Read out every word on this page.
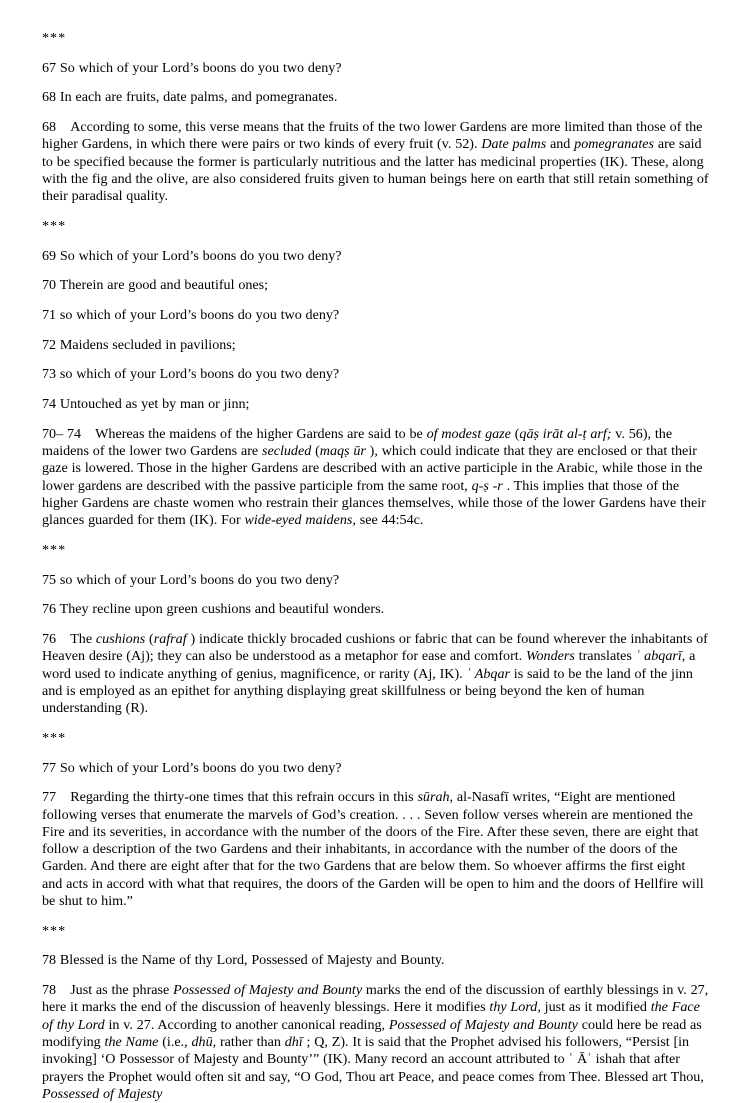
***

67 So which of your Lord’s boons do you two deny?

68 In each are fruits, date palms, and pomegranates.

68 According to some, this verse means that the fruits of the two lower Gardens are more limited than those of the higher Gardens, in which there were pairs or two kinds of every fruit (v. 52). Date palms and pomegranates are said to be specified because the former is particularly nutritious and the latter has medicinal properties (IK). These, along with the fig and the olive, are also considered fruits given to human beings here on earth that still retain something of their paradisal quality.

***

69 So which of your Lord’s boons do you two deny?

70 Therein are good and beautiful ones;

71 so which of your Lord’s boons do you two deny?

72 Maidens secluded in pavilions;

73 so which of your Lord’s boons do you two deny?

74 Untouched as yet by man or jinn;

70– 74 Whereas the maidens of the higher Gardens are said to be of modest gaze (qāṣ irāt al-ṭ arf; v. 56), the maidens of the lower two Gardens are secluded (maqṣ ūr ), which could indicate that they are enclosed or that their gaze is lowered. Those in the higher Gardens are described with an active participle in the Arabic, while those in the lower gardens are described with the passive participle from the same root, q-ṣ -r . This implies that those of the higher Gardens are chaste women who restrain their glances themselves, while those of the lower Gardens have their glances guarded for them (IK). For wide-eyed maidens, see 44:54c.

***

75 so which of your Lord’s boons do you two deny?

76 They recline upon green cushions and beautiful wonders.

76 The cushions (rafraf ) indicate thickly brocaded cushions or fabric that can be found wherever the inhabitants of Heaven desire (Aj); they can also be understood as a metaphor for ease and comfort. Wonders translates ʿ abqarī, a word used to indicate anything of genius, magnificence, or rarity (Aj, IK). ʿ Abqar is said to be the land of the jinn and is employed as an epithet for anything displaying great skillfulness or being beyond the ken of human understanding (R).

***

77 So which of your Lord’s boons do you two deny?

77 Regarding the thirty-one times that this refrain occurs in this sūrah, al-Nasafī writes, “Eight are mentioned following verses that enumerate the marvels of God’s creation. . . . Seven follow verses wherein are mentioned the Fire and its severities, in accordance with the number of the doors of the Fire. After these seven, there are eight that follow a description of the two Gardens and their inhabitants, in accordance with the number of the doors of the Garden. And there are eight after that for the two Gardens that are below them. So whoever affirms the first eight and acts in accord with what that requires, the doors of the Garden will be open to him and the doors of Hellfire will be shut to him.”

***

78 Blessed is the Name of thy Lord, Possessed of Majesty and Bounty.

78 Just as the phrase Possessed of Majesty and Bounty marks the end of the discussion of earthly blessings in v. 27, here it marks the end of the discussion of heavenly blessings. Here it modifies thy Lord, just as it modified the Face of thy Lord in v. 27. According to another canonical reading, Possessed of Majesty and Bounty could here be read as modifying the Name (i.e., dhū, rather than dhī ; Q, Z). It is said that the Prophet advised his followers, “Persist [in invoking] ‘O Possessor of Majesty and Bounty’” (IK). Many record an account attributed to ʿ Āʾ ishah that after prayers the Prophet would often sit and say, “O God, Thou art Peace, and peace comes from Thee. Blessed art Thou, Possessed of Majesty
